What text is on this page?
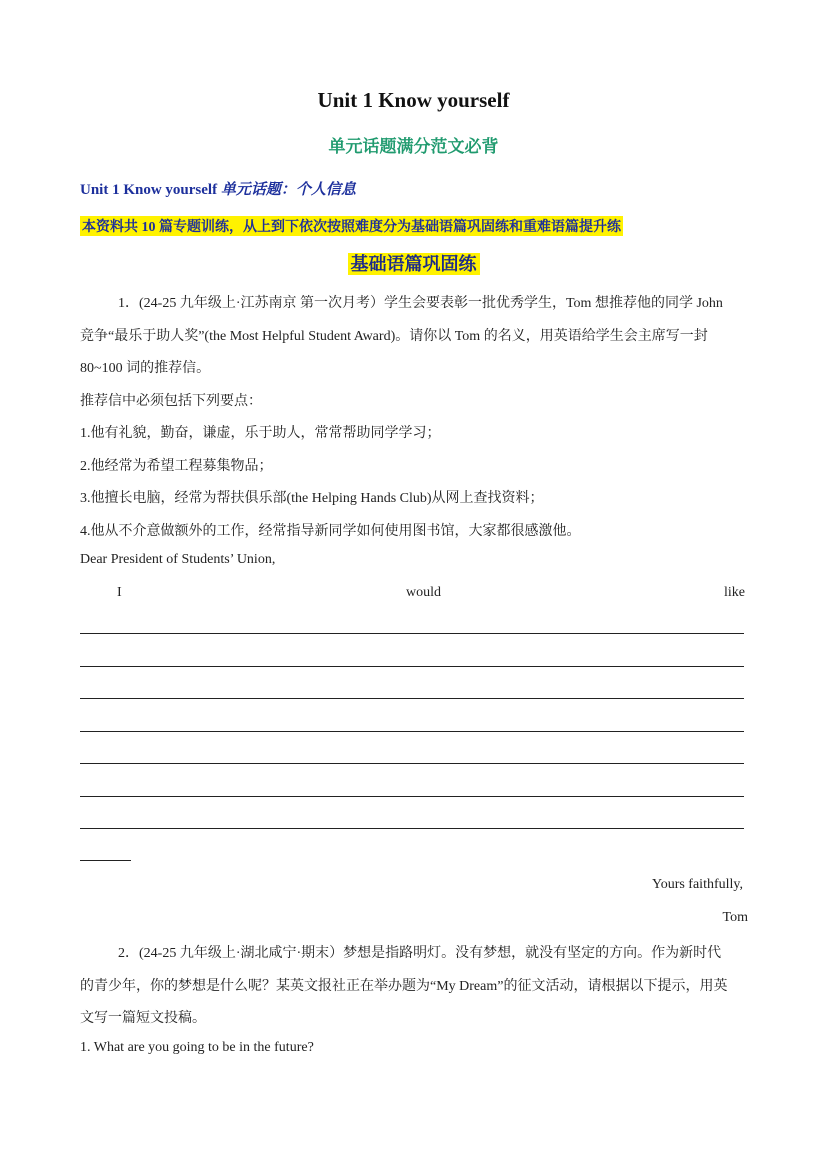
Unit 1 Know yourself
单元话题满分范文必背
Unit 1 Know yourself 单元话题：个人信息
本资料共 10 篇专题训练，从上到下依次按照难度分为基础语篇巩固练和重难语篇提升练
基础语篇巩固练
1．(24-25 九年级上·江苏南京 第一次月考）学生会要表彰一批优秀学生，Tom 想推荐他的同学 John
竞争“最乐于助人奖”(the Most Helpful Student Award)。请你以 Tom 的名义，用英语给学生会主席写一封
80~100 词的推荐信。
推荐信中必须包括下列要点：
1.他有礼貌，勤奋，谦虚，乐于助人，常常帮助同学学习；
2.他经常为希望工程募集物品；
3.他擅长电脑，经常为帮扶俱乐部(the Helping Hands Club)从网上查找资料；
4.他从不介意做额外的工作，经常指导新同学如何使用图书馆，大家都很感激他。
Dear President of Students’ Union,
I	would	like
Yours faithfully,
Tom
2．(24-25 九年级上·湖北咸宁·期末）梦想是指路明灯。没有梦想，就没有坚定的方向。作为新时代
的青少年，你的梦想是什么呢？某英文报社正在举办题为“My Dream”的征文活动，请根据以下提示，用英
文写一篇短文投稿。
1. What are you going to be in the future?
